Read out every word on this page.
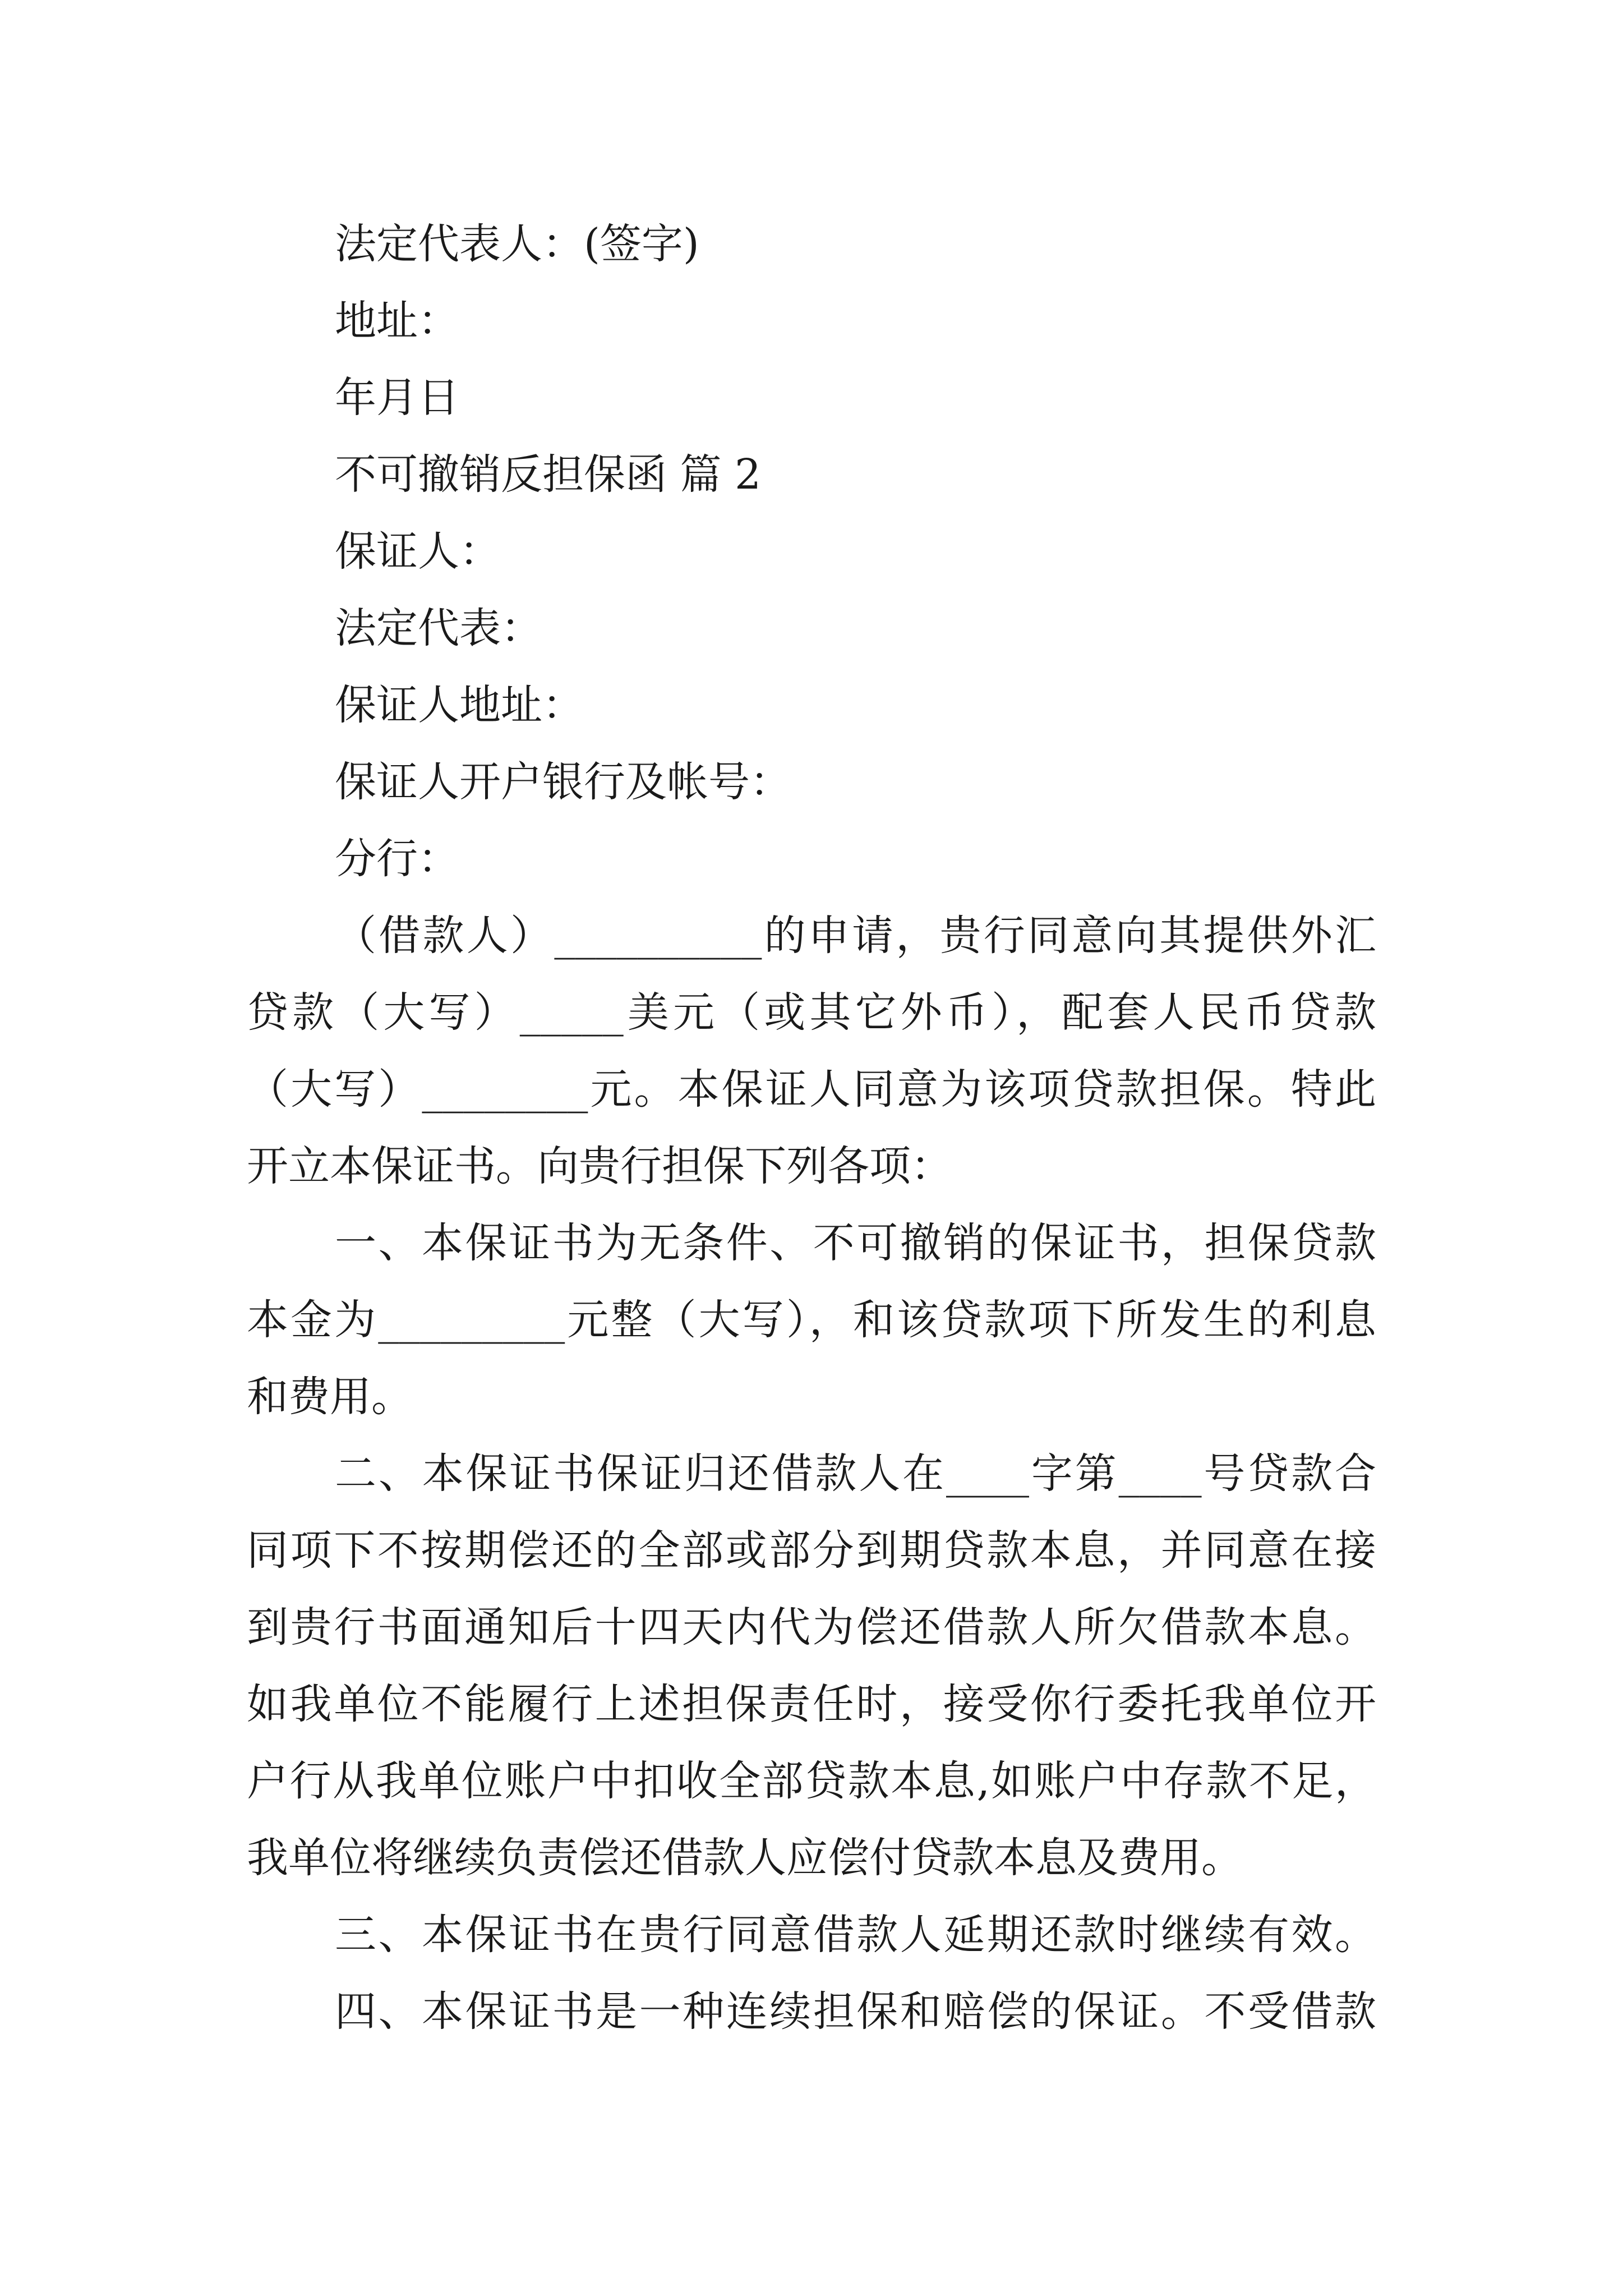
法定代表人：(签字)
地址：
年月日
不可撤销反担保函 篇 2
保证人：
法定代表：
保证人地址：
保证人开户银行及帐号：
分行：
（借款人）__________的申请，贵行同意向其提供外汇
贷款（大写）_____美元（或其它外币），配套人民币贷款
（大写）________元。本保证人同意为该项贷款担保。特此
开立本保证书。向贵行担保下列各项：
一、本保证书为无条件、不可撤销的保证书，担保贷款
本金为_________元整（大写），和该贷款项下所发生的利息
和费用。
二、本保证书保证归还借款人在____字第____号贷款合
同项下不按期偿还的全部或部分到期贷款本息，并同意在接
到贵行书面通知后十四天内代为偿还借款人所欠借款本息。
如我单位不能履行上述担保责任时，接受你行委托我单位开
户行从我单位账户中扣收全部贷款本息,如账户中存款不足，
我单位将继续负责偿还借款人应偿付贷款本息及费用。
三、本保证书在贵行同意借款人延期还款时继续有效。
四、本保证书是一种连续担保和赔偿的保证。不受借款
